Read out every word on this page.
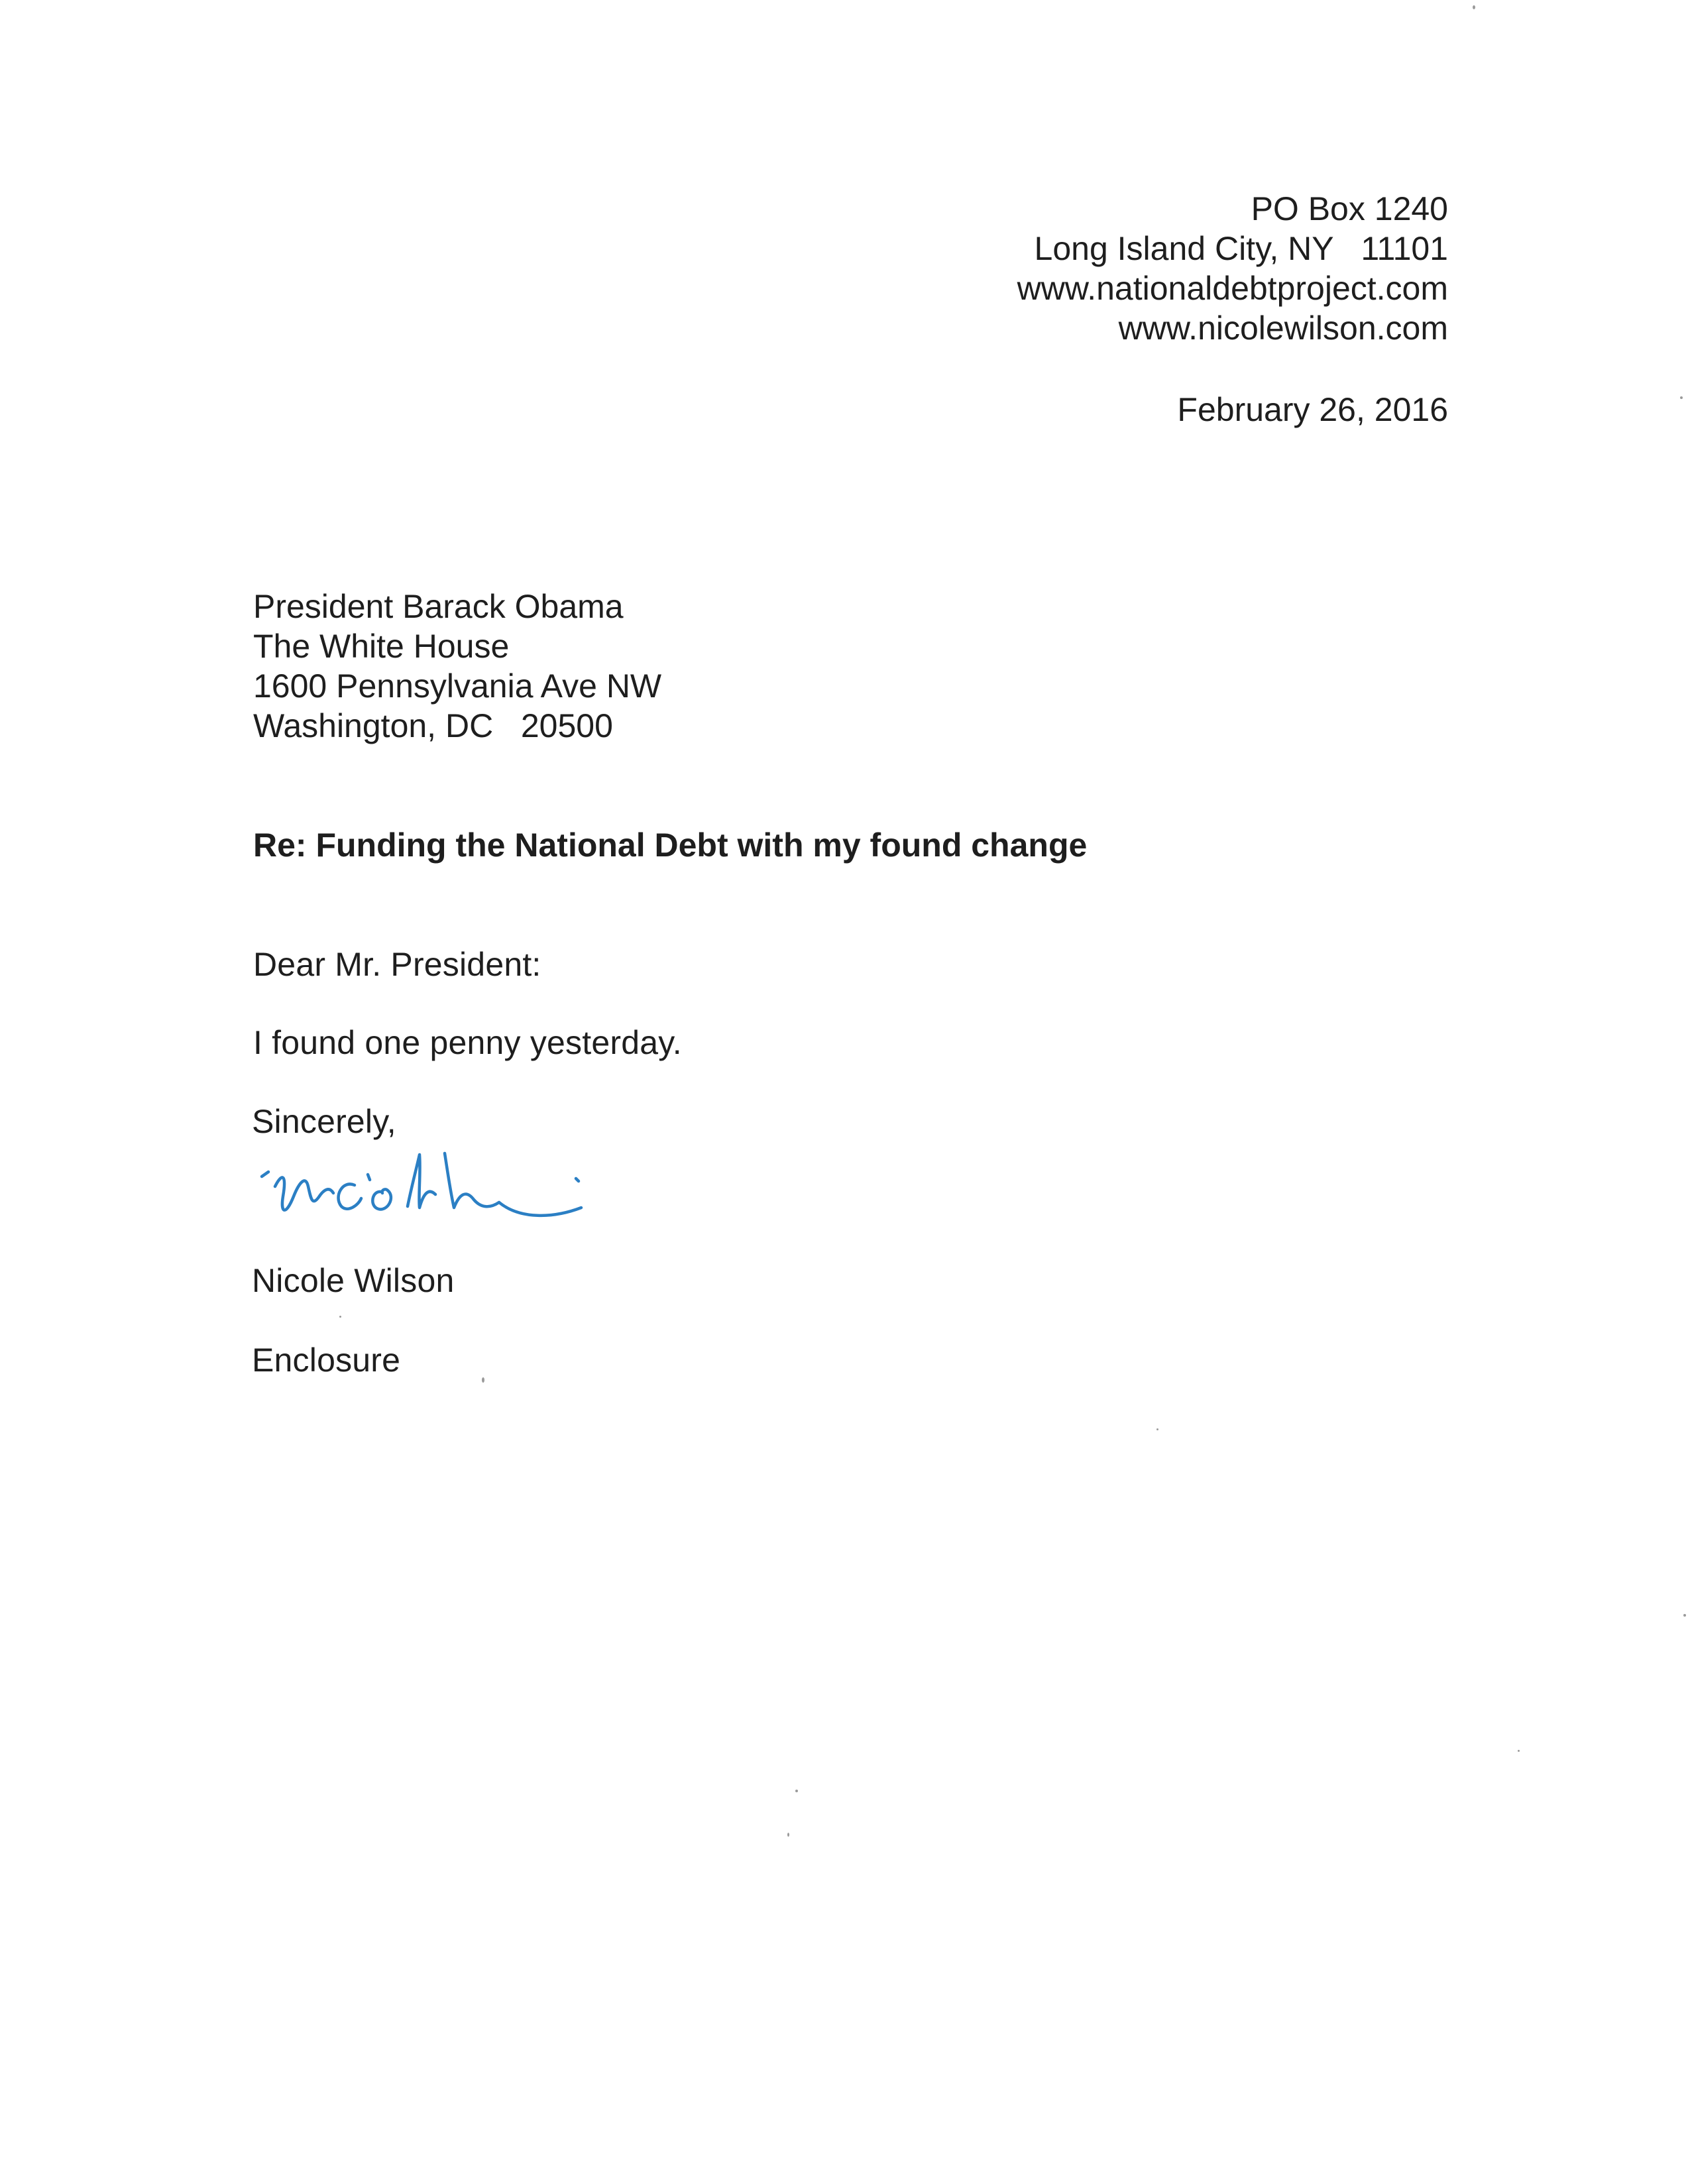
PO Box 1240
Long Island City, NY   11101
www.nationaldebtproject.com
www.nicolewilson.com
February 26, 2016
President Barack Obama
The White House
1600 Pennsylvania Ave NW
Washington, DC   20500
Re: Funding the National Debt with my found change
Dear Mr. President:
I found one penny yesterday.
Sincerely,
Nicole Wilson
Enclosure
